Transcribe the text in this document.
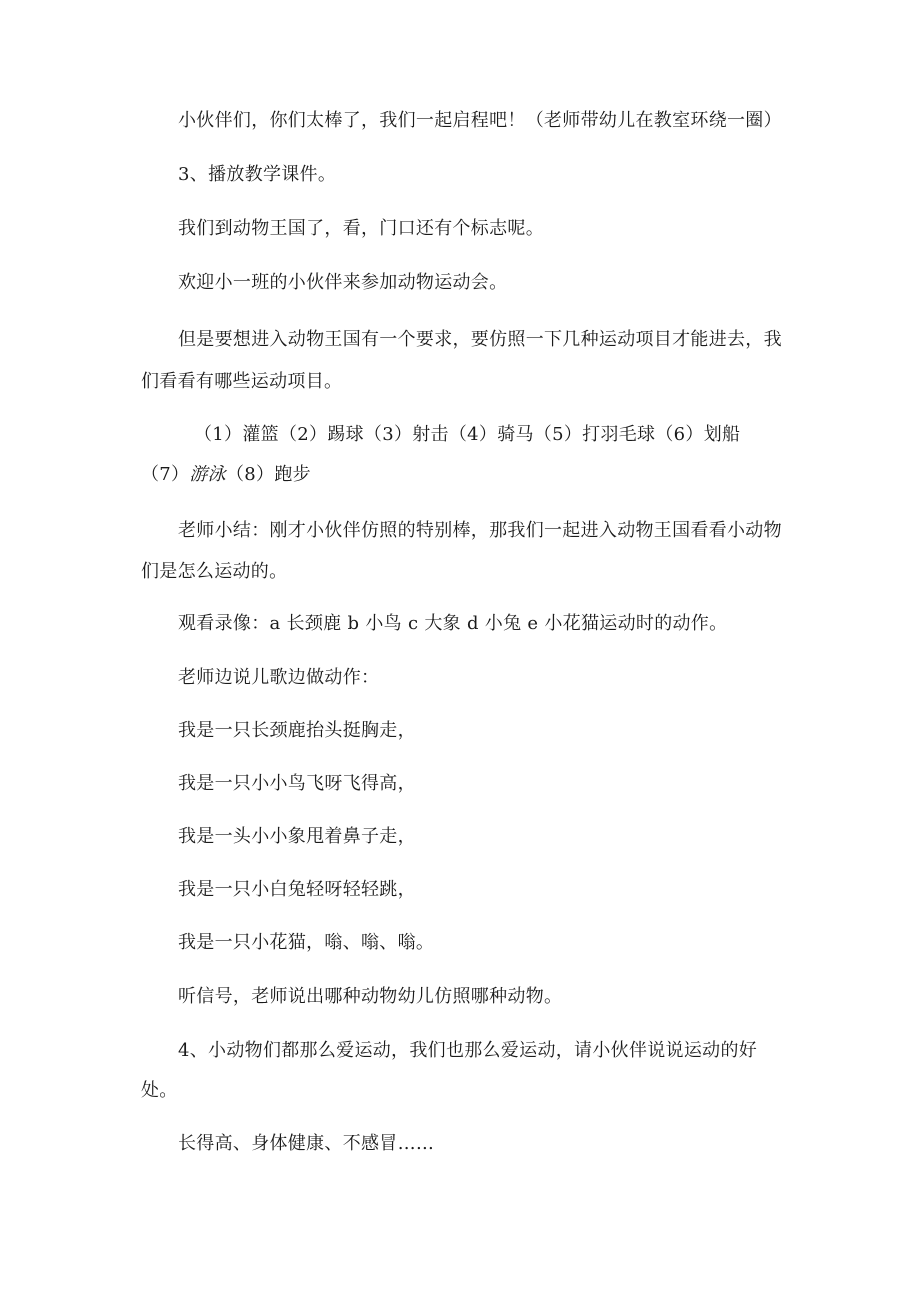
小伙伴们，你们太棒了，我们一起启程吧！（老师带幼儿在教室环绕一圈）

3、播放教学课件。

我们到动物王国了，看，门口还有个标志呢。

欢迎小一班的小伙伴来参加动物运动会。

但是要想进入动物王国有一个要求，要仿照一下几种运动项目才能进去，我

们看看有哪些运动项目。

（1）灌篮（2）踢球（3）射击（4）骑马（5）打羽毛球（6）划船

（7）游泳（8）跑步

老师小结：刚才小伙伴仿照的特别棒，那我们一起进入动物王国看看小动物

们是怎么运动的。

观看录像：a 长颈鹿 b 小鸟 c 大象 d 小兔 e 小花猫运动时的动作。

老师边说儿歌边做动作：

我是一只长颈鹿抬头挺胸走，

我是一只小小鸟飞呀飞得高，

我是一头小小象甩着鼻子走，

我是一只小白兔轻呀轻轻跳，

我是一只小花猫，嗡、嗡、嗡。

听信号，老师说出哪种动物幼儿仿照哪种动物。

4、小动物们都那么爱运动，我们也那么爱运动，请小伙伴说说运动的好

处。

长得高、身体健康、不感冒……
